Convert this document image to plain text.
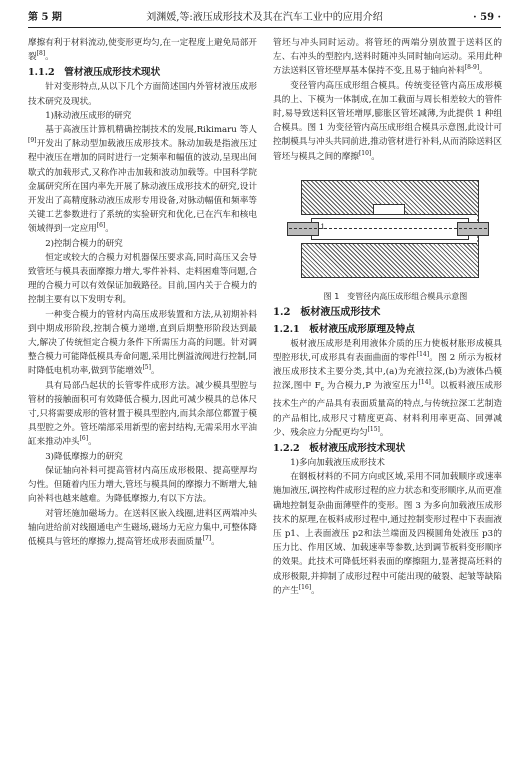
第 5 期	刘渊媛,等:液压成形技术及其在汽车工业中的应用介绍	· 59 ·

摩擦有利于材料流动,使变形更均匀,在一定程度上避免局部开裂[8]。

1.1.2　管材液压成形技术现状

针对变形特点,从以下几个方面简述国内外管材液压成形技术研究及现状。

1)脉动液压成形的研究

基于高液压计算机精确控制技术的发展,Rikimaru 等人[9]开发出了脉动型加载液压成形技术。脉动加载是指液压过程中液压在增加的同时进行一定频率和幅值的波动,呈现出间歇式的加载形式,又称作冲击加载和波动加载等。中国科学院金属研究所在国内率先开展了脉动液压成形技术的研究,设计开发出了高精度脉动液压成形专用设备,对脉动幅值和频率等关键工艺参数进行了系统的实验研究和优化,已在汽车和核电领域得到一定应用[6]。

2)控制合模力的研究

恒定或较大的合模力对机器保压要求高,同时高压又会导致管坯与模具表面摩擦力增大,零件补料、走料困难等问题,合理的合模力可以有效保证加载路径。目前,国内关于合模力的控制主要有以下发明专利。

一种变合模力的管材内高压成形装置和方法,从初期补料到中期成形阶段,控制合模力递增,直到后期整形阶段达到最大,解决了传统恒定合模力条件下所需压力高的问题。针对调整合模力可能降低模具寿命问题,采用比例溢流阀进行控制,同时降低电机功率,做到节能增效[5]。

具有局部凸起状的长管零件成形方法。减少模具型腔与管材的接触面积可有效降低合模力,因此可减少模具的总体尺寸,只将需要成形的管材置于模具型腔内,而其余部位都置于模具型腔之外。管坯端部采用新型的密封结构,无需采用水平油缸来推动冲头[6]。

3)降低摩擦力的研究

保证轴向补料可提高管材内高压成形极限、提高壁厚均匀性。但随着内压力增大,管坯与模具间的摩擦力不断增大,轴向补料也越来越难。为降低摩擦力,有以下方法。

对管坯施加磁场力。在送料区嵌入线圈,进料区两端冲头轴向进给前对线圈通电产生磁场,磁场力无应力集中,可整体降低模具与管坯的摩擦力,提高管坯成形表面质量[7]。

管坯与冲头同时运动。将管坯的两端分别放置于送料区的左、右冲头的型腔内,送料时随冲头同时轴向运动。采用此种方法送料区管坯壁厚基本保持不变,且易于轴向补料[8-9]。

变径管内高压成形组合模具。传统变径管内高压成形模具的上、下模为一体制成,在加工截面与周长相差较大的管件时,易导致送料区管坯增厚,膨胀区管坯减薄,为此提供 1 种组合模具。图 1 为变径管内高压成形组合模具示意图,此设计可控制模具与冲头共同前进,推动管材进行补料,从而消除送料区管坯与模具之间的摩擦[10]。

1

图 1　变管径内高压成形组合模具示意图

1.2　板材液压成形技术
1.2.1　板材液压成形原理及特点

板材液压成形是利用液体介质的压力使板材胀形成模具型腔形状,可成形具有表面曲面的零件[14]。图 2 所示为板材液压成形技术主要分类,其中,(a)为充液拉深,(b)为液体凸模拉深,图中 $F_c$ 为合模力,P 为液室压力[14]。以板料液压成形技术生产的产品具有表面质量高的特点,与传统拉深工艺制造的产品相比,成形尺寸精度更高、材料利用率更高、回弹减少、残余应力分配更均匀[15]。

1.2.2　板材液压成形技术现状

1)多向加载液压成形技术

在钢板材料的不同方向或区域,采用不同加载顺序或速率施加液压,调控构件成形过程的应力状态和变形顺序,从而更准确地控制复杂曲面薄壁件的变形。图 3 为多向加载液压成形技术的原理,在板料成形过程中,通过控制变形过程中下表面液压 p1、上表面液压 p2和法兰端面及四模圆角处液压 p3的压力比、作用区域、加载速率等参数,达到调节板料变形顺序的效果。此技术可降低坯料表面的摩擦阻力,显著提高坯料的成形极限,并抑制了成形过程中可能出现的破裂、起皱等缺陷的产生[16]。
